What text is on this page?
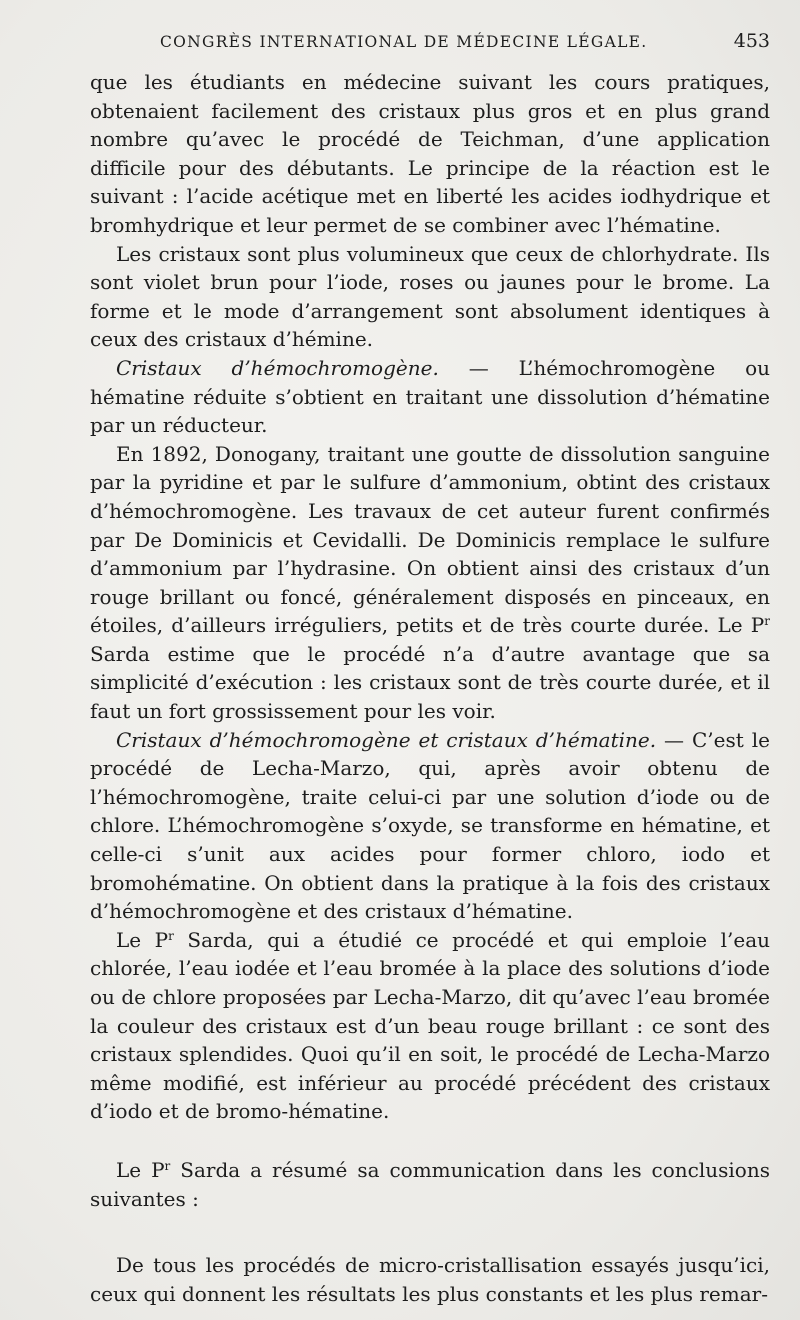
CONGRÈS INTERNATIONAL DE MÉDECINE LÉGALE.	453

que les étudiants en médecine suivant les cours pratiques, obtenaient facilement des cristaux plus gros et en plus grand nombre qu’avec le procédé de Teichman, d’une application difficile pour des débutants. Le principe de la réaction est le suivant : l’acide acétique met en liberté les acides iodhydrique et bromhydrique et leur permet de se combiner avec l’hématine.

Les cristaux sont plus volumineux que ceux de chlorhydrate. Ils sont violet brun pour l’iode, roses ou jaunes pour le brome. La forme et le mode d’arrangement sont absolument identiques à ceux des cristaux d’hémine.

Cristaux d’hémochromogène. — L’hémochromogène ou hématine réduite s’obtient en traitant une dissolution d’hématine par un réducteur.

En 1892, Donogany, traitant une goutte de dissolution sanguine par la pyridine et par le sulfure d’ammonium, obtint des cristaux d’hémochromogène. Les travaux de cet auteur furent confirmés par De Dominicis et Cevidalli. De Dominicis remplace le sulfure d’ammonium par l’hydrasine. On obtient ainsi des cristaux d’un rouge brillant ou foncé, généralement disposés en pinceaux, en étoiles, d’ailleurs irréguliers, petits et de très courte durée. Le $P^r$ Sarda estime que le procédé n’a d’autre avantage que sa simplicité d’exécution : les cristaux sont de très courte durée, et il faut un fort grossissement pour les voir.

Cristaux d’hémochromogène et cristaux d’hématine. — C’est le procédé de Lecha-Marzo, qui, après avoir obtenu de l’hémochromogène, traite celui-ci par une solution d’iode ou de chlore. L’hémochromogène s’oxyde, se transforme en hématine, et celle-ci s’unit aux acides pour former chloro, iodo et bromohématine. On obtient dans la pratique à la fois des cristaux d’hémochromogène et des cristaux d’hématine.

Le $P^r$ Sarda, qui a étudié ce procédé et qui emploie l’eau chlorée, l’eau iodée et l’eau bromée à la place des solutions d’iode ou de chlore proposées par Lecha-Marzo, dit qu’avec l’eau bromée la couleur des cristaux est d’un beau rouge brillant : ce sont des cristaux splendides. Quoi qu’il en soit, le procédé de Lecha-Marzo même modifié, est inférieur au procédé précédent des cristaux d’iodo et de bromo-hématine.

Le $P^r$ Sarda a résumé sa communication dans les conclusions suivantes :

De tous les procédés de micro-cristallisation essayés jusqu’ici, ceux qui donnent les résultats les plus constants et les plus remar-
